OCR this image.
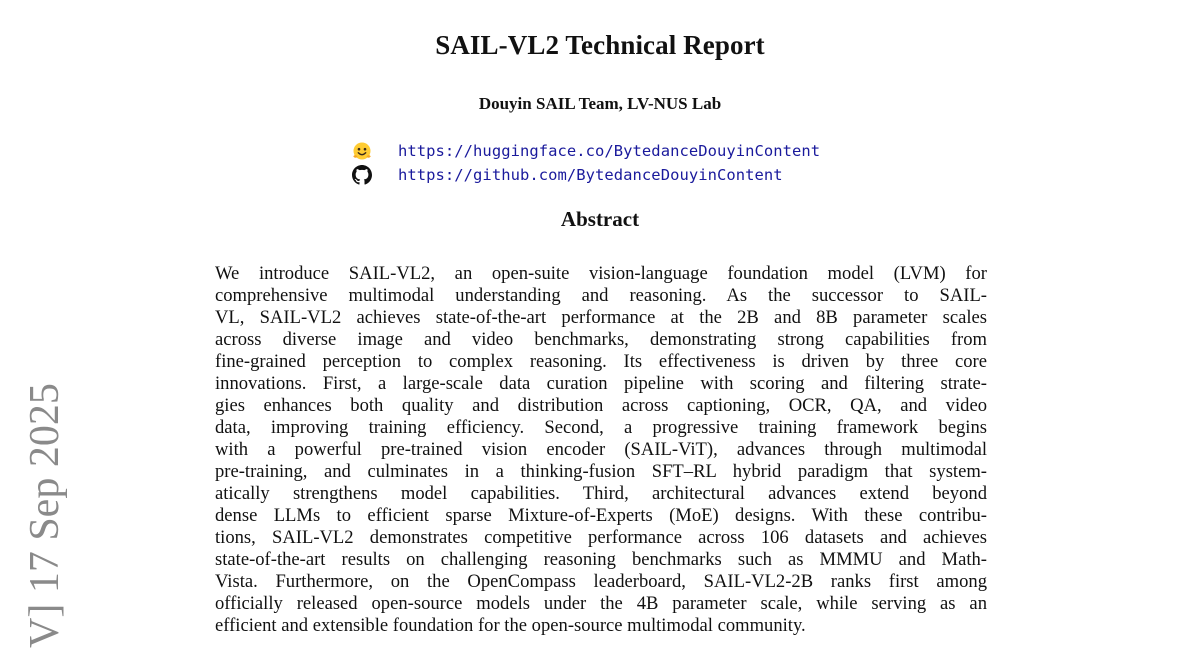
V] 17 Sep 2025
SAIL-VL2 Technical Report
Douyin SAIL Team, LV-NUS Lab
https://huggingface.co/BytedanceDouyinContent
https://github.com/BytedanceDouyinContent
Abstract
We introduce SAIL-VL2, an open-suite vision-language foundation model (LVM) for
comprehensive multimodal understanding and reasoning. As the successor to SAIL-
VL, SAIL-VL2 achieves state-of-the-art performance at the 2B and 8B parameter scales
across diverse image and video benchmarks, demonstrating strong capabilities from
fine-grained perception to complex reasoning. Its effectiveness is driven by three core
innovations. First, a large-scale data curation pipeline with scoring and filtering strate-
gies enhances both quality and distribution across captioning, OCR, QA, and video
data, improving training efficiency. Second, a progressive training framework begins
with a powerful pre-trained vision encoder (SAIL-ViT), advances through multimodal
pre-training, and culminates in a thinking-fusion SFT–RL hybrid paradigm that system-
atically strengthens model capabilities. Third, architectural advances extend beyond
dense LLMs to efficient sparse Mixture-of-Experts (MoE) designs. With these contribu-
tions, SAIL-VL2 demonstrates competitive performance across 106 datasets and achieves
state-of-the-art results on challenging reasoning benchmarks such as MMMU and Math-
Vista. Furthermore, on the OpenCompass leaderboard, SAIL-VL2-2B ranks first among
officially released open-source models under the 4B parameter scale, while serving as an
efficient and extensible foundation for the open-source multimodal community.
